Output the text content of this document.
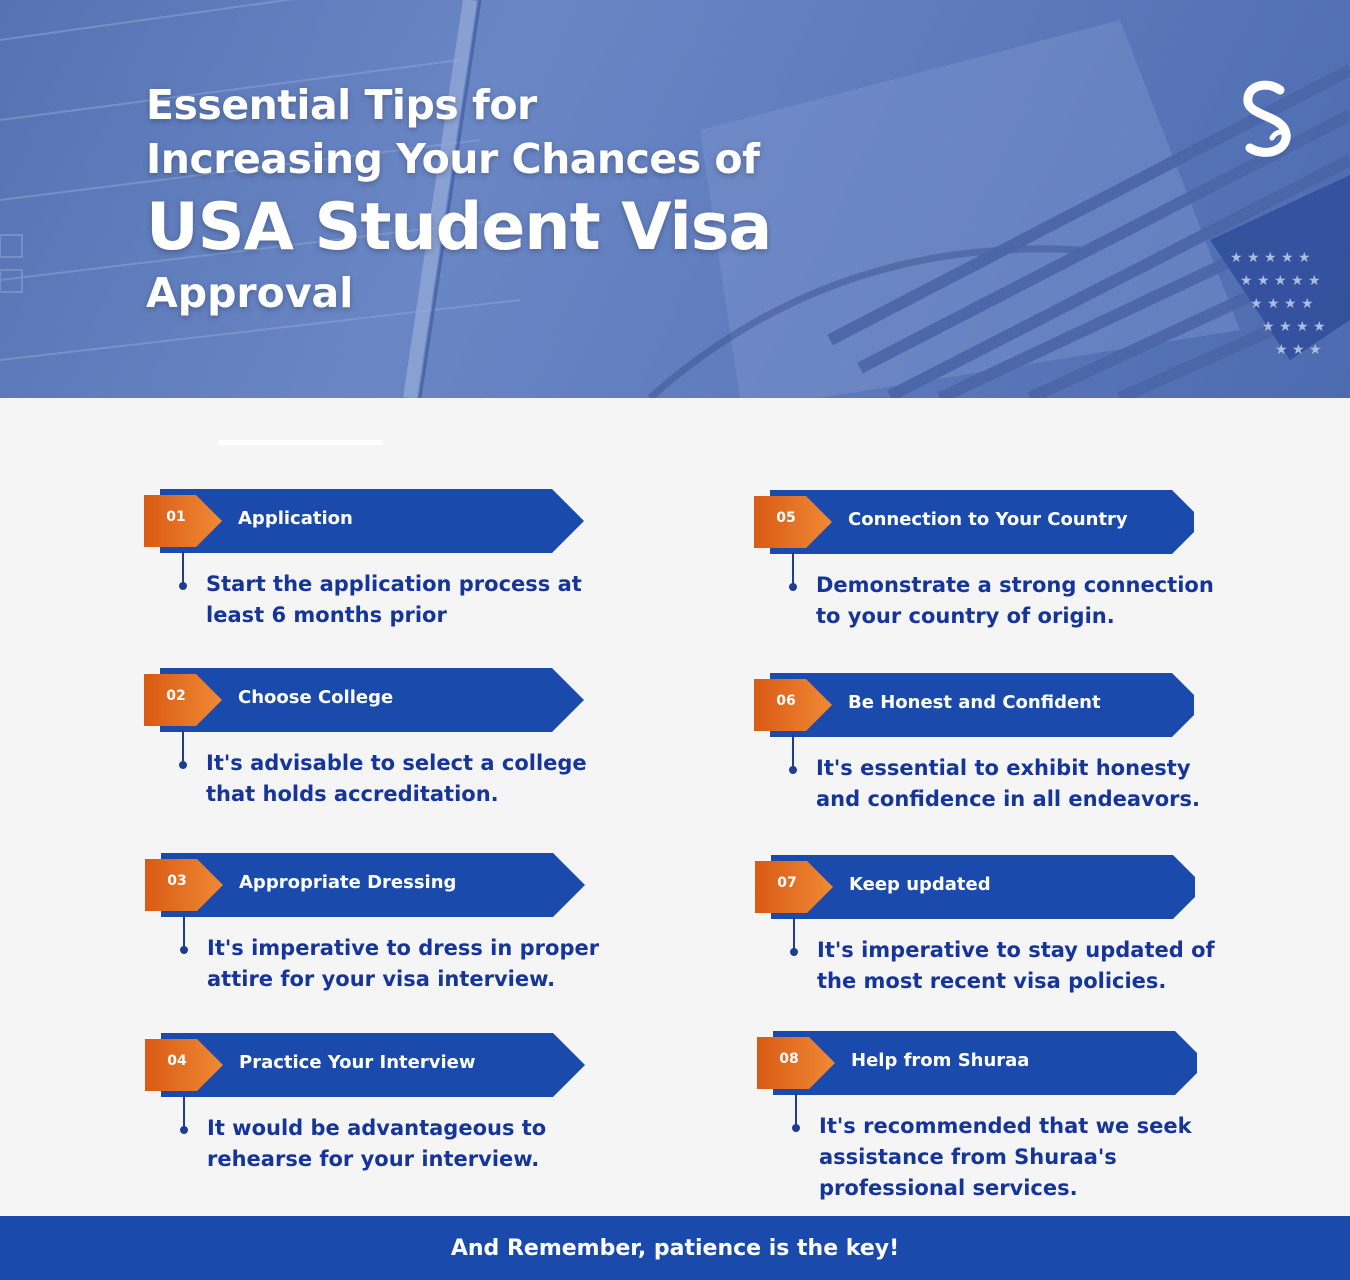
★ ★ ★ ★ ★
★ ★ ★ ★ ★
★ ★ ★ ★
★ ★ ★ ★
★ ★ ★
Essential Tips for
Increasing Your Chances of
USA Student Visa
Approval
01	Application

Start the application process at least 6 months prior

02	Choose College

It's advisable to select a college that holds accreditation.

03	Appropriate Dressing

It's imperative to dress in proper attire for your visa interview.

04	Practice Your Interview

It would be advantageous to rehearse for your interview.

05	Connection to Your Country

Demonstrate a strong connection to your country of origin.

06	Be Honest and Confident

It's essential to exhibit honesty and confidence in all endeavors.

07	Keep updated

It's imperative to stay updated of the most recent visa policies.

08	Help from Shuraa

It's recommended that we seek assistance from Shuraa's professional services.

And Remember, patience is the key!
